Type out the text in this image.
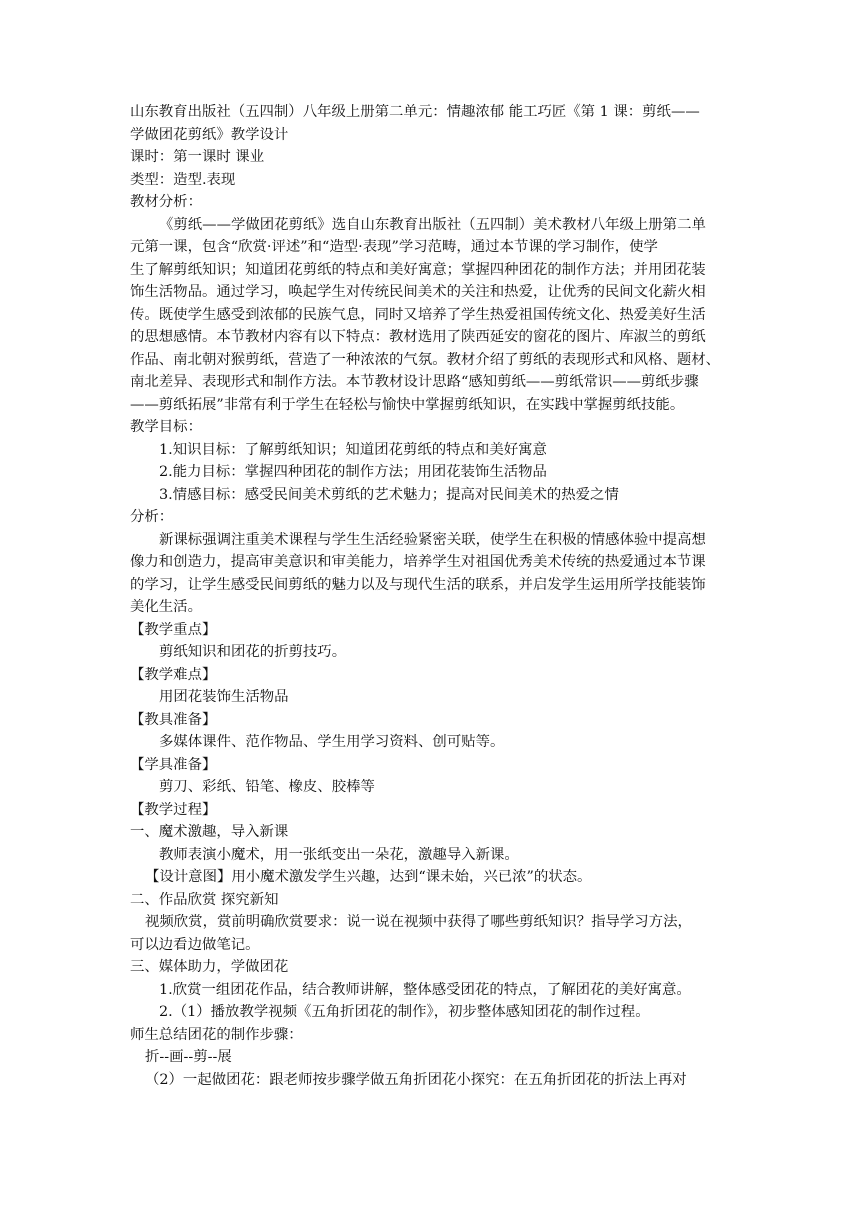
山东教育出版社（五四制）八年级上册第二单元：情趣浓郁 能工巧匠《第 1 课：剪纸——
学做团花剪纸》教学设计
课时：第一课时 课业
类型：造型.表现
教材分析：
《剪纸——学做团花剪纸》选自山东教育出版社（五四制）美术教材八年级上册第二单
元第一课，包含“欣赏·评述”和“造型·表现”学习范畴，通过本节课的学习制作，使学
生了解剪纸知识；知道团花剪纸的特点和美好寓意；掌握四种团花的制作方法；并用团花装
饰生活物品。通过学习，唤起学生对传统民间美术的关注和热爱，让优秀的民间文化薪火相
传。既使学生感受到浓郁的民族气息，同时又培养了学生热爱祖国传统文化、热爱美好生活
的思想感情。本节教材内容有以下特点：教材选用了陕西延安的窗花的图片、库淑兰的剪纸
作品、南北朝对猴剪纸，营造了一种浓浓的气氛。教材介绍了剪纸的表现形式和风格、题材、
南北差异、表现形式和制作方法。本节教材设计思路“感知剪纸——剪纸常识——剪纸步骤
——剪纸拓展”非常有利于学生在轻松与愉快中掌握剪纸知识，在实践中掌握剪纸技能。
教学目标：
1.知识目标：了解剪纸知识；知道团花剪纸的特点和美好寓意
2.能力目标：掌握四种团花的制作方法；用团花装饰生活物品
3.情感目标：感受民间美术剪纸的艺术魅力；提高对民间美术的热爱之情
分析：
新课标强调注重美术课程与学生生活经验紧密关联，使学生在积极的情感体验中提高想
像力和创造力，提高审美意识和审美能力，培养学生对祖国优秀美术传统的热爱通过本节课
的学习，让学生感受民间剪纸的魅力以及与现代生活的联系，并启发学生运用所学技能装饰
美化生活。
【教学重点】
剪纸知识和团花的折剪技巧。
【教学难点】
用团花装饰生活物品
【教具准备】
多媒体课件、范作物品、学生用学习资料、创可贴等。
【学具准备】
剪刀、彩纸、铅笔、橡皮、胶棒等
【教学过程】
一、魔术激趣，导入新课
教师表演小魔术，用一张纸变出一朵花，激趣导入新课。
【设计意图】用小魔术激发学生兴趣，达到“课未始，兴已浓”的状态。
二、作品欣赏 探究新知
视频欣赏，赏前明确欣赏要求：说一说在视频中获得了哪些剪纸知识？指导学习方法，
可以边看边做笔记。
三、媒体助力，学做团花
1.欣赏一组团花作品，结合教师讲解，整体感受团花的特点，了解团花的美好寓意。
2.（1）播放教学视频《五角折团花的制作》，初步整体感知团花的制作过程。
师生总结团花的制作步骤：
折--画--剪--展
（2）一起做团花：跟老师按步骤学做五角折团花小探究：在五角折团花的折法上再对
